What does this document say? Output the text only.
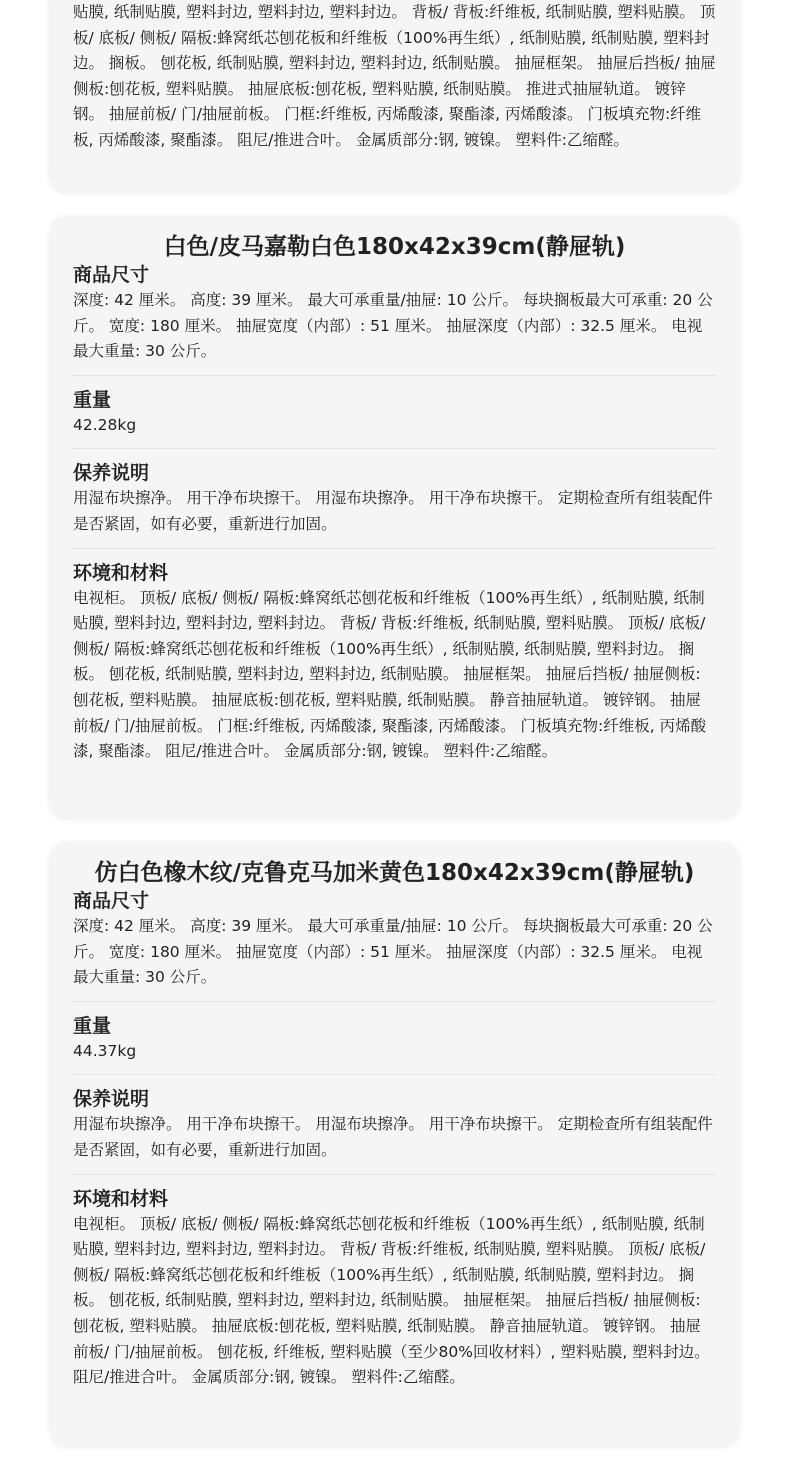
贴膜, 纸制贴膜, 塑料封边, 塑料封边, 塑料封边。 背板/ 背板:纤维板, 纸制贴膜, 塑料贴膜。 顶板/ 底板/ 侧板/ 隔板:蜂窝纸芯刨花板和纤维板（100%再生纸）, 纸制贴膜, 纸制贴膜, 塑料封边。 搁板。 刨花板, 纸制贴膜, 塑料封边, 塑料封边, 纸制贴膜。 抽屉框架。 抽屉后挡板/ 抽屉侧板:刨花板, 塑料贴膜。 抽屉底板:刨花板, 塑料贴膜, 纸制贴膜。 推进式抽屉轨道。 镀锌钢。 抽屉前板/ 门/抽屉前板。 门框:纤维板, 丙烯酸漆, 聚酯漆, 丙烯酸漆。 门板填充物:纤维板, 丙烯酸漆, 聚酯漆。 阻尼/推进合叶。 金属质部分:钢, 镀镍。 塑料件:乙缩醛。

白色/皮马嘉勒白色180x42x39cm(静屉轨)
商品尺寸

深度: 42 厘米。 高度: 39 厘米。 最大可承重量/抽屉: 10 公斤。 每块搁板最大可承重: 20 公斤。 宽度: 180 厘米。 抽屉宽度（内部）: 51 厘米。 抽屉深度（内部）: 32.5 厘米。 电视最大重量: 30 公斤。

重量

42.28kg

保养说明

用湿布块擦净。 用干净布块擦干。 用湿布块擦净。 用干净布块擦干。 定期检查所有组装配件是否紧固，如有必要，重新进行加固。

环境和材料

电视柜。 顶板/ 底板/ 侧板/ 隔板:蜂窝纸芯刨花板和纤维板（100%再生纸）, 纸制贴膜, 纸制贴膜, 塑料封边, 塑料封边, 塑料封边。 背板/ 背板:纤维板, 纸制贴膜, 塑料贴膜。 顶板/ 底板/ 侧板/ 隔板:蜂窝纸芯刨花板和纤维板（100%再生纸）, 纸制贴膜, 纸制贴膜, 塑料封边。 搁板。 刨花板, 纸制贴膜, 塑料封边, 塑料封边, 纸制贴膜。 抽屉框架。 抽屉后挡板/ 抽屉侧板:刨花板, 塑料贴膜。 抽屉底板:刨花板, 塑料贴膜, 纸制贴膜。 静音抽屉轨道。 镀锌钢。 抽屉前板/ 门/抽屉前板。 门框:纤维板, 丙烯酸漆, 聚酯漆, 丙烯酸漆。 门板填充物:纤维板, 丙烯酸漆, 聚酯漆。 阻尼/推进合叶。 金属质部分:钢, 镀镍。 塑料件:乙缩醛。

仿白色橡木纹/克鲁克马加米黄色180x42x39cm(静屉轨)
商品尺寸

深度: 42 厘米。 高度: 39 厘米。 最大可承重量/抽屉: 10 公斤。 每块搁板最大可承重: 20 公斤。 宽度: 180 厘米。 抽屉宽度（内部）: 51 厘米。 抽屉深度（内部）: 32.5 厘米。 电视最大重量: 30 公斤。

重量

44.37kg

保养说明

用湿布块擦净。 用干净布块擦干。 用湿布块擦净。 用干净布块擦干。 定期检查所有组装配件是否紧固，如有必要，重新进行加固。

环境和材料

电视柜。 顶板/ 底板/ 侧板/ 隔板:蜂窝纸芯刨花板和纤维板（100%再生纸）, 纸制贴膜, 纸制贴膜, 塑料封边, 塑料封边, 塑料封边。 背板/ 背板:纤维板, 纸制贴膜, 塑料贴膜。 顶板/ 底板/ 侧板/ 隔板:蜂窝纸芯刨花板和纤维板（100%再生纸）, 纸制贴膜, 纸制贴膜, 塑料封边。 搁板。 刨花板, 纸制贴膜, 塑料封边, 塑料封边, 纸制贴膜。 抽屉框架。 抽屉后挡板/ 抽屉侧板:刨花板, 塑料贴膜。 抽屉底板:刨花板, 塑料贴膜, 纸制贴膜。 静音抽屉轨道。 镀锌钢。 抽屉前板/ 门/抽屉前板。 刨花板, 纤维板, 塑料贴膜（至少80%回收材料）, 塑料贴膜, 塑料封边。 阻尼/推进合叶。 金属质部分:钢, 镀镍。 塑料件:乙缩醛。
